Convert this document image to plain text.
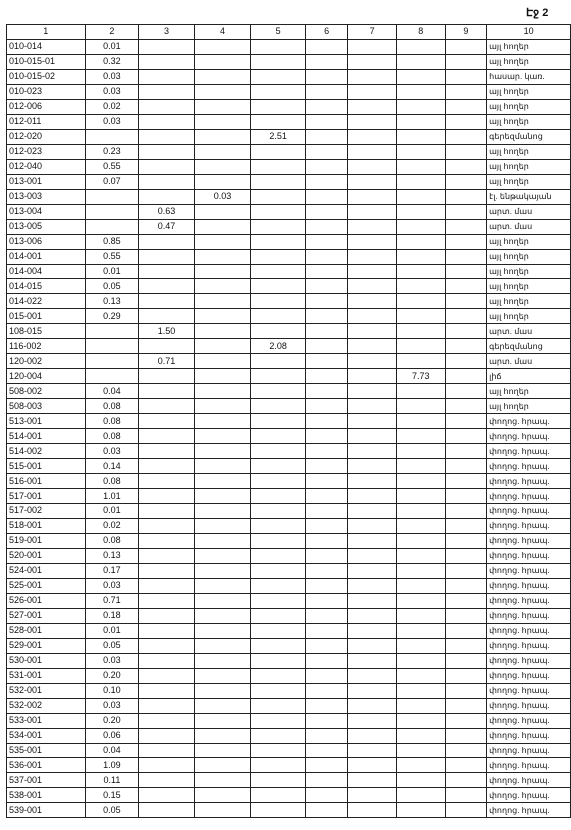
Էջ 2
1	2	3	4	5	6	7	8	9	10
010-014	0.01								այլ հողեր
010-015-01	0.32								այլ հողեր
010-015-02	0.03								հասար. կառ.
010-023	0.03								այլ հողեր
012-006	0.02								այլ հողեր
012-011	0.03								այլ հողեր
012-020				2.51					գերեզմանոց
012-023	0.23								այլ հողեր
012-040	0.55								այլ հողեր
013-001	0.07								այլ հողեր
013-003			0.03						էլ. ենթակայան
013-004		0.63							արտ. մաս
013-005		0.47							արտ. մաս
013-006	0.85								այլ հողեր
014-001	0.55								այլ հողեր
014-004	0.01								այլ հողեր
014-015	0.05								այլ հողեր
014-022	0.13								այլ հողեր
015-001	0.29								այլ հողեր
108-015		1.50							արտ. մաս
116-002				2.08					գերեզմանոց
120-002		0.71							արտ. մաս
120-004							7.73		լիճ
508-002	0.04								այլ հողեր
508-003	0.08								այլ հողեր
513-001	0.08								փողոց. հրապ.
514-001	0.08								փողոց. հրապ.
514-002	0.03								փողոց. հրապ.
515-001	0.14								փողոց. հրապ.
516-001	0.08								փողոց. հրապ.
517-001	1.01								փողոց. հրապ.
517-002	0.01								փողոց. հրապ.
518-001	0.02								փողոց. հրապ.
519-001	0.08								փողոց. հրապ.
520-001	0.13								փողոց. հրապ.
524-001	0.17								փողոց. հրապ.
525-001	0.03								փողոց. հրապ.
526-001	0.71								փողոց. հրապ.
527-001	0.18								փողոց. հրապ.
528-001	0.01								փողոց. հրապ.
529-001	0.05								փողոց. հրապ.
530-001	0.03								փողոց. հրապ.
531-001	0.20								փողոց. հրապ.
532-001	0.10								փողոց. հրապ.
532-002	0.03								փողոց. հրապ.
533-001	0.20								փողոց. հրապ.
534-001	0.06								փողոց. հրապ.
535-001	0.04								փողոց. հրապ.
536-001	1.09								փողոց. հրապ.
537-001	0.11								փողոց. հրապ.
538-001	0.15								փողոց. հրապ.
539-001	0.05								փողոց. հրապ.
